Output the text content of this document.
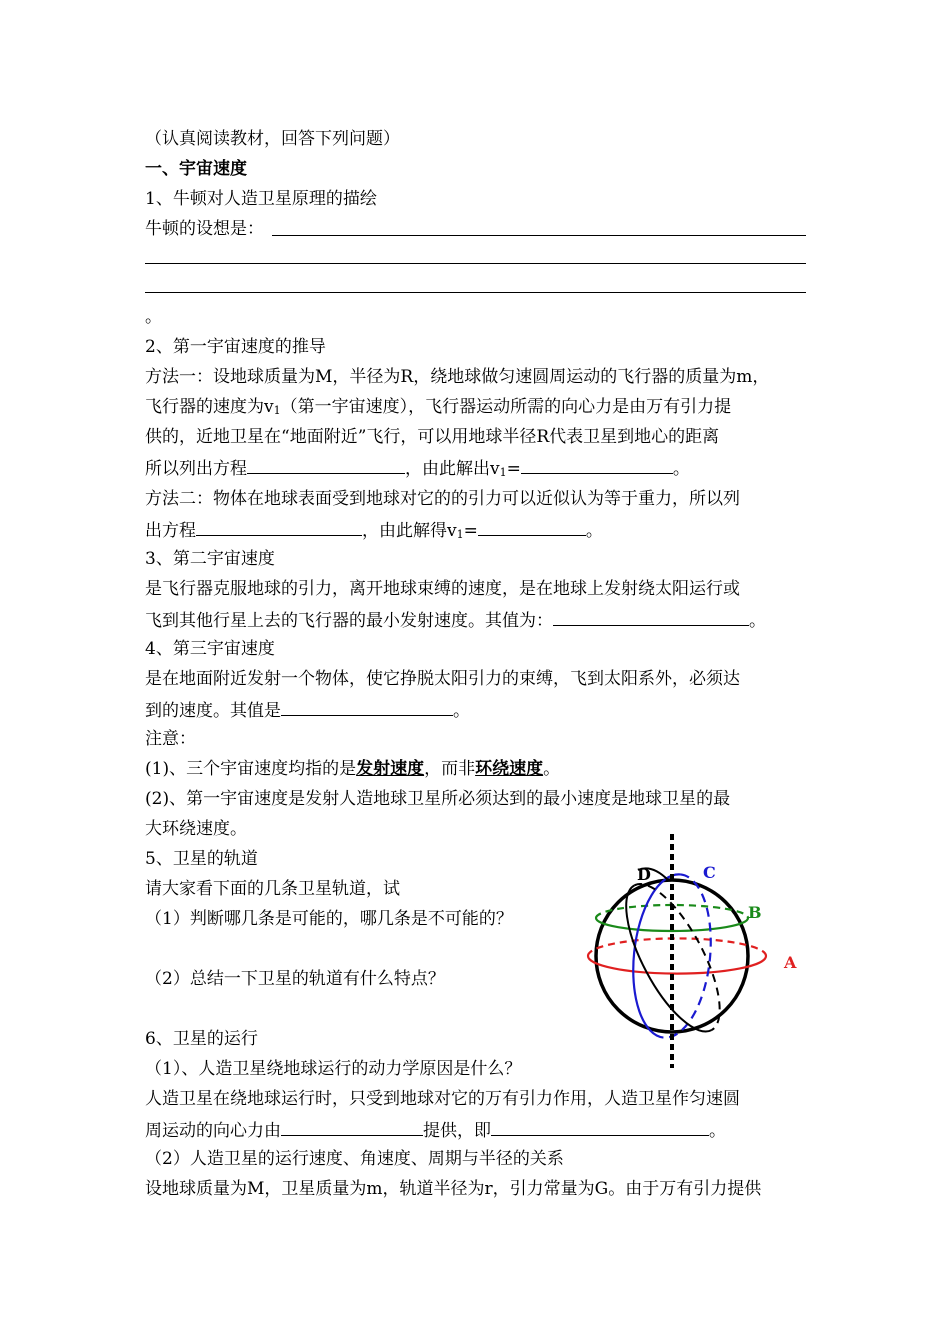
（认真阅读教材，回答下列问题）
一、宇宙速度
1、牛顿对人造卫星原理的描绘
牛顿的设想是：
。
2、第一宇宙速度的推导
方法一：设地球质量为M，半径为R，绕地球做匀速圆周运动的飞行器的质量为m，
飞行器的速度为v1（第一宇宙速度），飞行器运动所需的向心力是由万有引力提
供的，近地卫星在“地面附近”飞行，可以用地球半径R代表卫星到地心的距离
所以列出方程	，由此解出v1=	。
方法二：物体在地球表面受到地球对它的的引力可以近似认为等于重力，所以列
出方程	，由此解得v1=	。
3、第二宇宙速度
是飞行器克服地球的引力，离开地球束缚的速度，是在地球上发射绕太阳运行或
飞到其他行星上去的飞行器的最小发射速度。其值为：	。
4、第三宇宙速度
是在地面附近发射一个物体，使它挣脱太阳引力的束缚，飞到太阳系外，必须达
到的速度。其值是	。
注意：
(1)、三个宇宙速度均指的是发射速度，而非环绕速度。
(2)、第一宇宙速度是发射人造地球卫星所必须达到的最小速度是地球卫星的最
大环绕速度。
5、卫星的轨道
请大家看下面的几条卫星轨道，试
（1）判断哪几条是可能的，哪几条是不可能的？
（2）总结一下卫星的轨道有什么特点？
A
B
C
D
6、卫星的运行
（1）、人造卫星绕地球运行的动力学原因是什么？
人造卫星在绕地球运行时，只受到地球对它的万有引力作用，人造卫星作匀速圆
周运动的向心力由	提供，即	。
（2）人造卫星的运行速度、角速度、周期与半径的关系
设地球质量为M，卫星质量为m，轨道半径为r，引力常量为G。由于万有引力提供
